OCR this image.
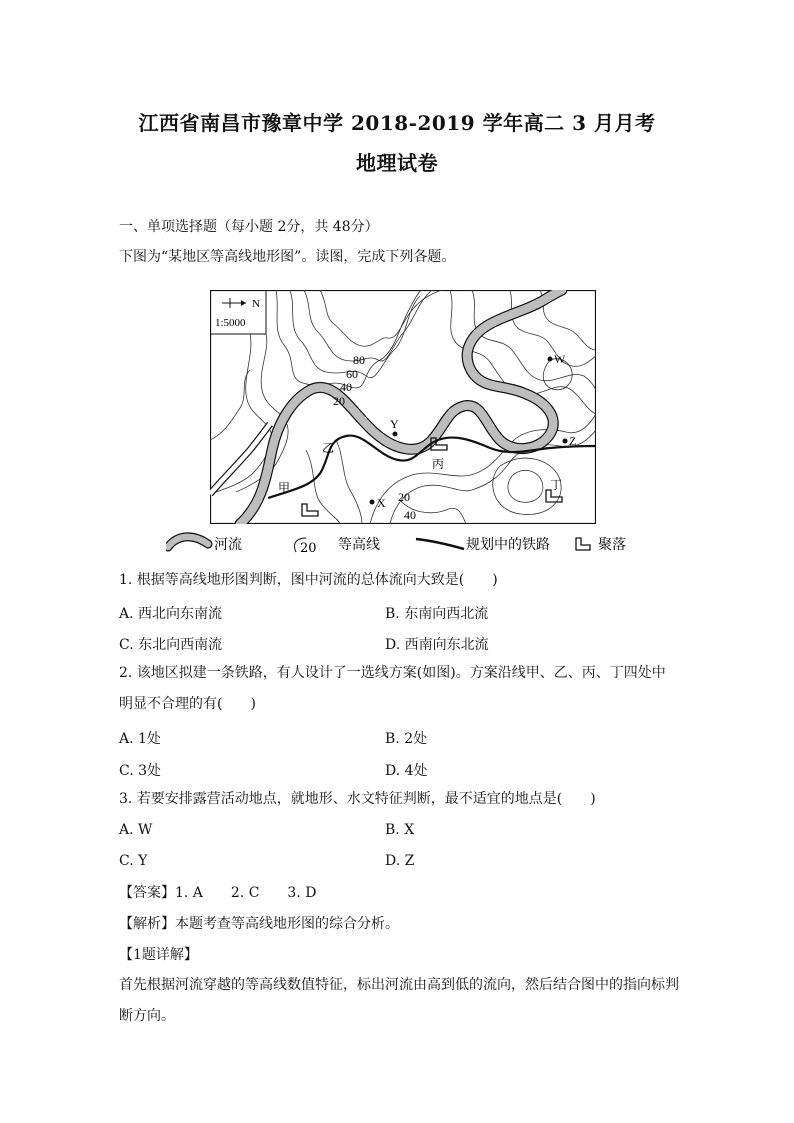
江西省南昌市豫章中学 2018-2019 学年高二 3 月月考
地理试卷
一、单项选择题（每小题 2分，共 48分）
下图为“某地区等高线地形图”。读图，完成下列各题。
N
1:5000
80
60
40
20
20
40
甲
乙
丙
丁
W
Y
Z
X
河流	20 等高线	规划中的铁路	聚落
1. 根据等高线地形图判断，图中河流的总体流向大致是(　　)
A. 西北向东南流	B. 东南向西北流
C. 东北向西南流	D. 西南向东北流
2. 该地区拟建一条铁路，有人设计了一选线方案(如图)。方案沿线甲、乙、丙、丁四处中明显不合理的有(　　)
A. 1处	B. 2处
C. 3处	D. 4处
3. 若要安排露营活动地点，就地形、水文特征判断，最不适宜的地点是(　　)
A. W	B. X
C. Y	D. Z
【答案】1. A　　2. C　　3. D
【解析】本题考查等高线地形图的综合分析。
【1题详解】
首先根据河流穿越的等高线数值特征，标出河流由高到低的流向，然后结合图中的指向标判断方向。
